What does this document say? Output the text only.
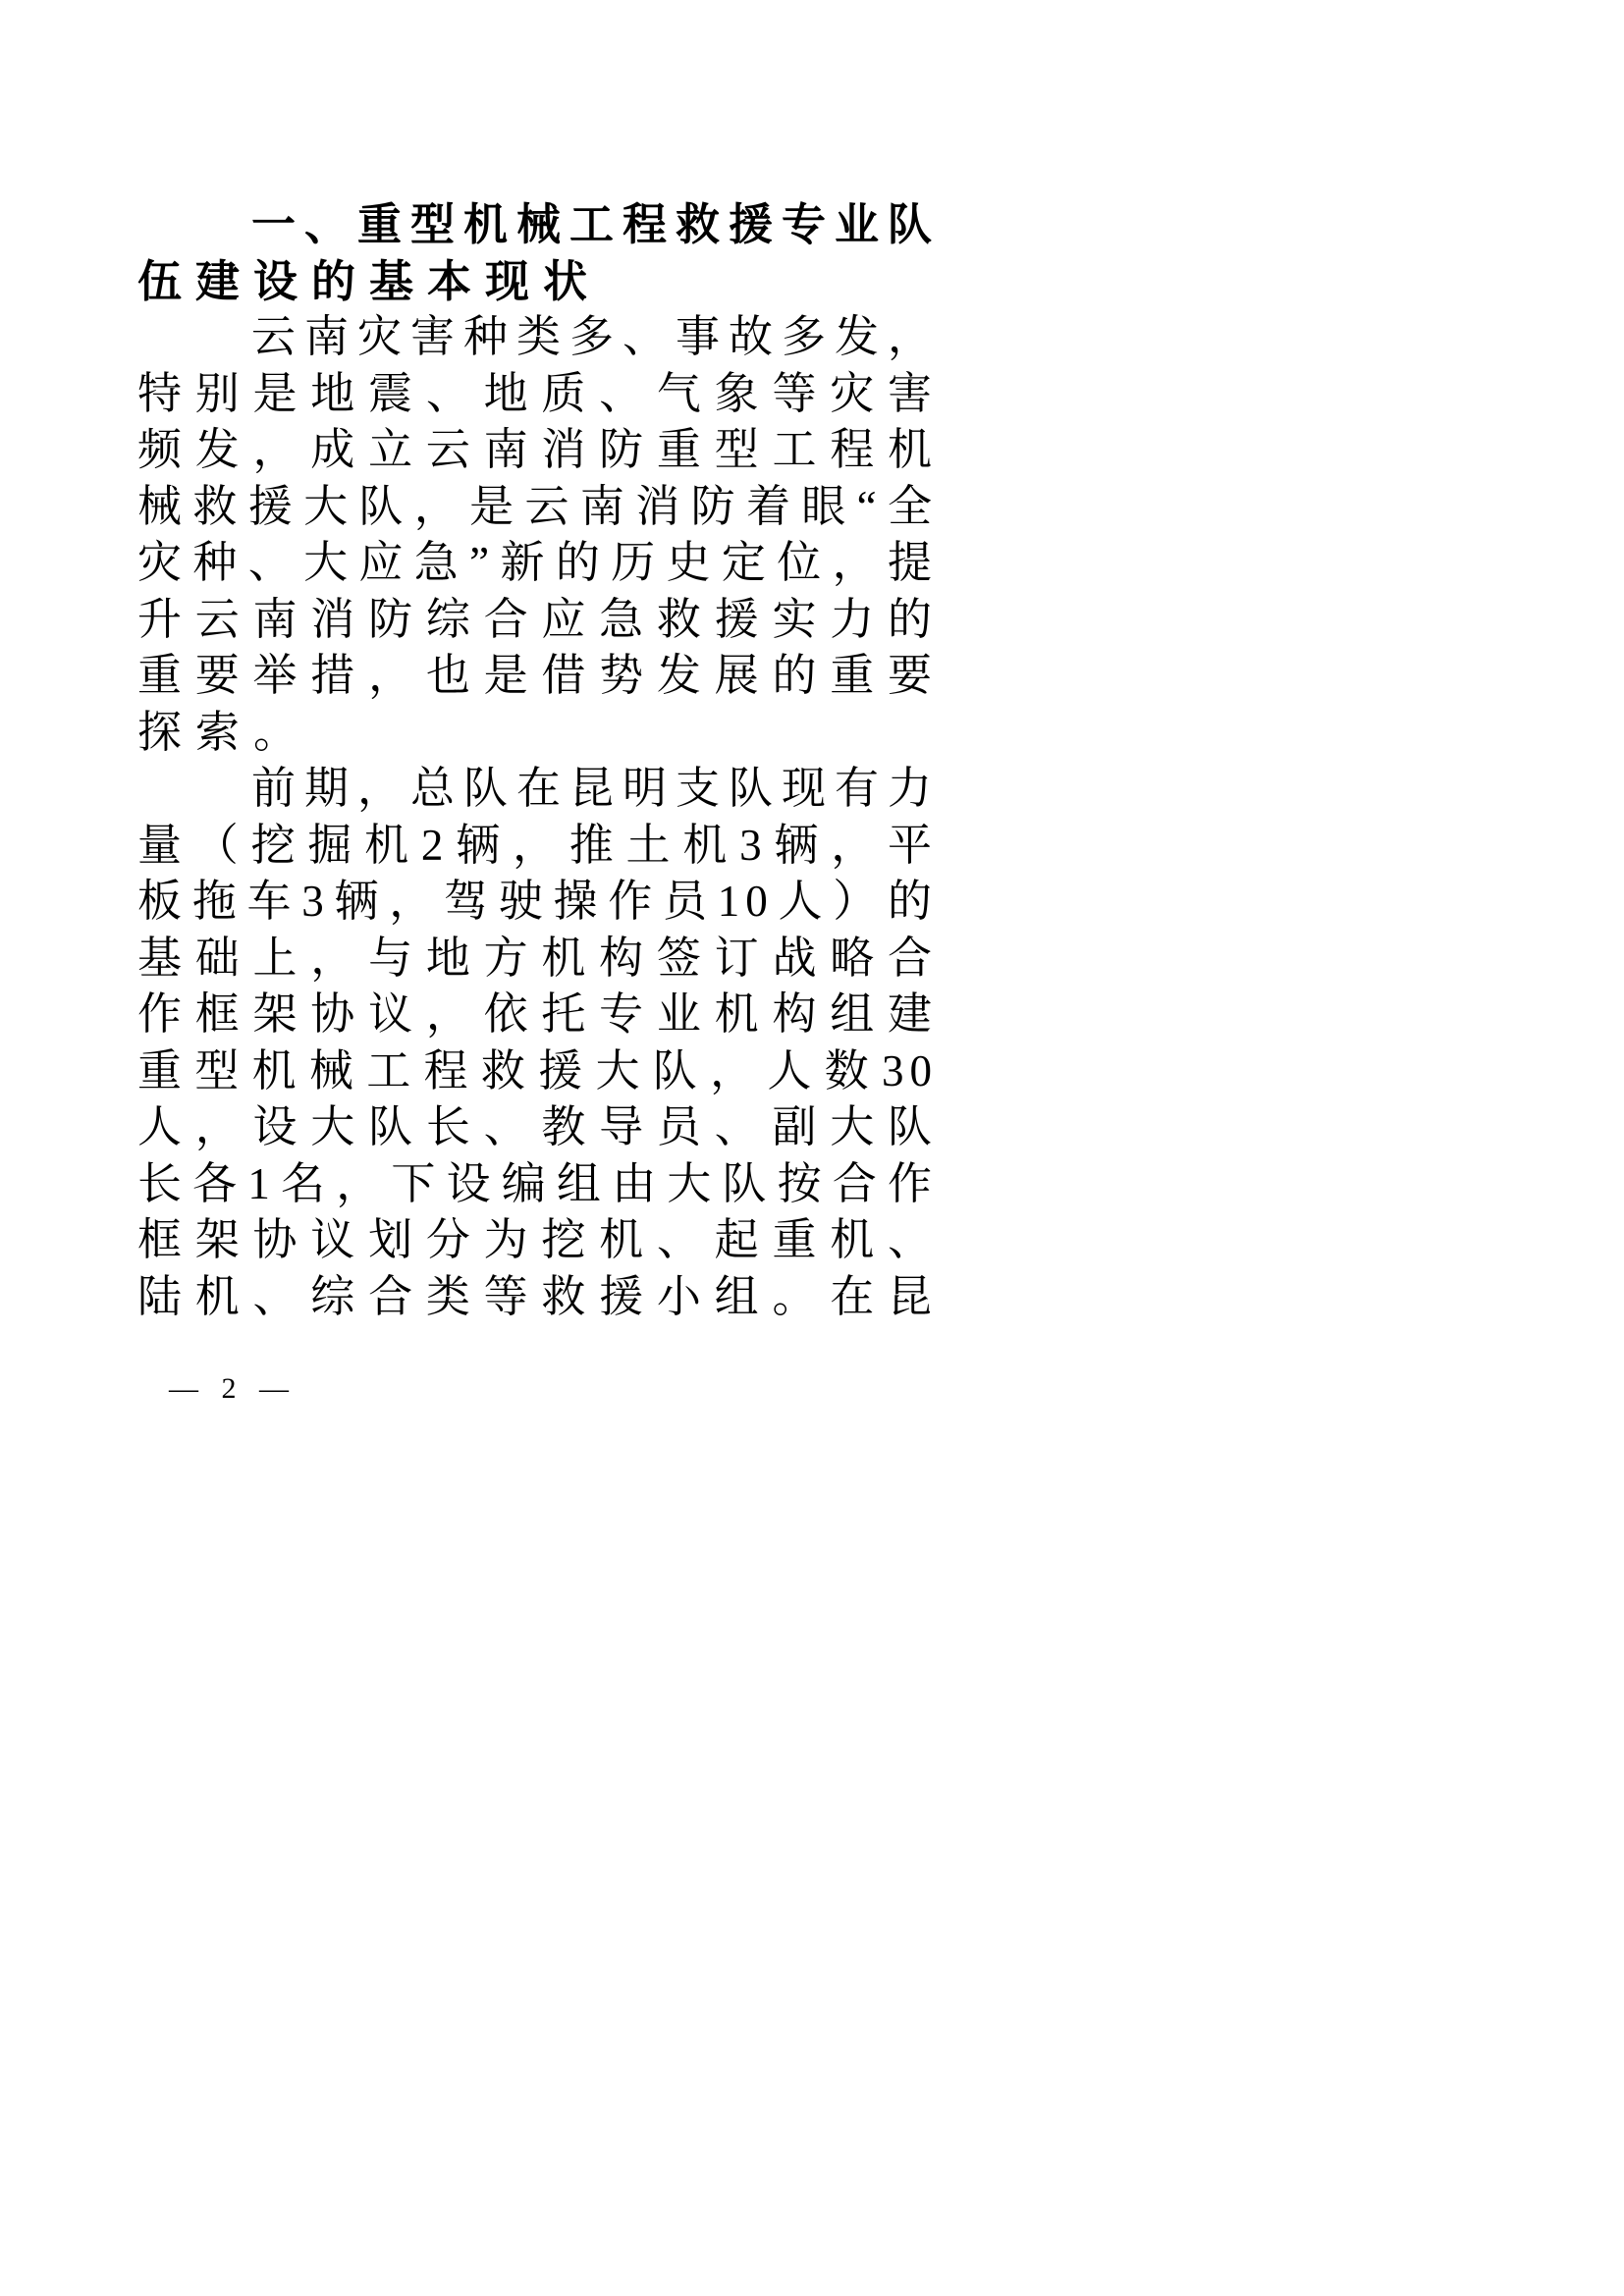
一、重型机械工程救援专业队
伍建设的基本现状
云南灾害种类多、事故多发，
特别是地震、地质、气象等灾害
频发，成立云南消防重型工程机
械救援大队，是云南消防着眼“全
灾种、大应急”新的历史定位，提
升云南消防综合应急救援实力的
重要举措，也是借势发展的重要
探索。
前期，总队在昆明支队现有力
量（挖掘机2辆，推土机3辆，平
板拖车3辆，驾驶操作员10人）的
基础上，与地方机构签订战略合
作框架协议，依托专业机构组建
重型机械工程救援大队，人数30
人，设大队长、教导员、副大队
长各1名，下设编组由大队按合作
框架协议划分为挖机、起重机、
陆机、综合类等救援小组。在昆
— 2 —
